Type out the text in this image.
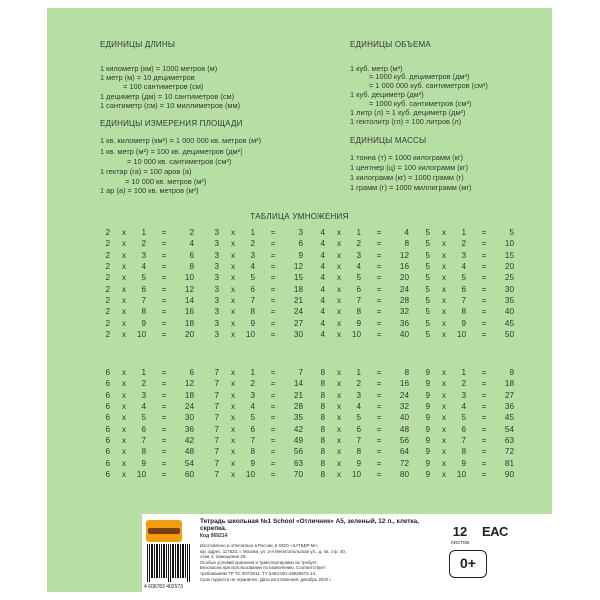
ЕДИНИЦЫ ДЛИНЫ
1 километр (км) = 1000 метров (м)
1 метр (м) = 10 дециметров
= 100 сантиметров (см)
1 дециметр (дм) = 10 сантиметров (см)
1 сантиметр (см) = 10 миллиметров (мм)
ЕДИНИЦЫ ИЗМЕРЕНИЯ ПЛОЩАДИ
1 кв. километр (км²) = 1 000 000 кв. метров (м²)
1 кв. метр (м²) = 100 кв. дециметров (дм²)
= 10 000 кв. сантиметров (см²)
1 гектар (га) = 100 аров (а)
= 10 000 кв. метров (м²)
1 ар (а) = 100 кв. метров (м²)
ЕДИНИЦЫ ОБЪЕМА
1 куб. метр (м³)
= 1000 куб. дециметров (дм³)
= 1 000 000 куб. сантиметров (см³)
1 куб. дециметр (дм³)
= 1000 куб. сантиметров (см³)
1 литр (л) = 1 куб. дециметр (дм³)
1 гектолитр (гл) = 100 литров (л)
ЕДИНИЦЫ МАССЫ
1 тонна (т) = 1000 килограмм (кг)
1 центнер (ц) = 100 килограмм (кг)
1 килограмм (кг) = 1000 грамм (г)
1 грамм (г) = 1000 миллиграмм (мг)
ТАБЛИЦА УМНОЖЕНИЯ
2 x	1 =	2
2 x	2 =	4
2 x	3 =	6
2 x	4 =	8
2 x	5 =	10
2 x	6 =	12
2 x	7 =	14
2 x	8 =	16
2 x	9 =	18
2 x	10 =	20
3 x	1 =	3
3 x	2 =	6
3 x	3 =	9
3 x	4 =	12
3 x	5 =	15
3 x	6 =	18
3 x	7 =	21
3 x	8 =	24
3 x	9 =	27
3 x	10 =	30
4 x	1 =	4
4 x	2 =	8
4 x	3 =	12
4 x	4 =	16
4 x	5 =	20
4 x	6 =	24
4 x	7 =	28
4 x	8 =	32
4 x	9 =	36
4 x	10 =	40
5 x	1 =	5
5 x	2 =	10
5 x	3 =	15
5 x	4 =	20
5 x	5 =	25
5 x	6 =	30
5 x	7 =	35
5 x	8 =	40
5 x	9 =	45
5 x	10 =	50
6 x	1 =	6
6 x	2 =	12
6 x	3 =	18
6 x	4 =	24
6 x	5 =	30
6 x	6 =	36
6 x	7 =	42
6 x	8 =	48
6 x	9 =	54
6 x	10 =	60
7 x	1 =	7
7 x	2 =	14
7 x	3 =	21
7 x	4 =	28
7 x	5 =	35
7 x	6 =	42
7 x	7 =	49
7 x	8 =	56
7 x	9 =	63
7 x	10 =	70
8 x	1 =	8
8 x	2 =	16
8 x	3 =	24
8 x	4 =	32
8 x	5 =	40
8 x	6 =	48
8 x	7 =	56
8 x	8 =	64
8 x	9 =	72
8 x	10 =	80
9 x	1 =	9
9 x	2 =	18
9 x	3 =	27
9 x	4 =	36
9 x	5 =	45
9 x	6 =	54
9 x	7 =	63
9 x	8 =	72
9 x	9 =	81
9 x	10 =	90
4 606782 402573
Тетрадь школьная №1 School «Отличник» А5, зеленый, 12 л., клетка, скрепка.
Код 069214
Изготовлено и отпечатано в России, в ООО «ХАТБЕР-М»,
юр. адрес: 117623, г. Москва, ул. 2-я Мелитопольская ул., д. 4а, стр. 40,
этаж 4, помещение 26.
Особых условий хранения и транспортировки не требует.
Безопасна при использовании по назначению. Соответствует
требованиям ТР ТС 007/2011. ТУ 5463-001-49925672-14.
Срок годности не ограничен. Дата изготовления: декабрь 2020 г.
12
ЛИСТОВ
EAC
0+
